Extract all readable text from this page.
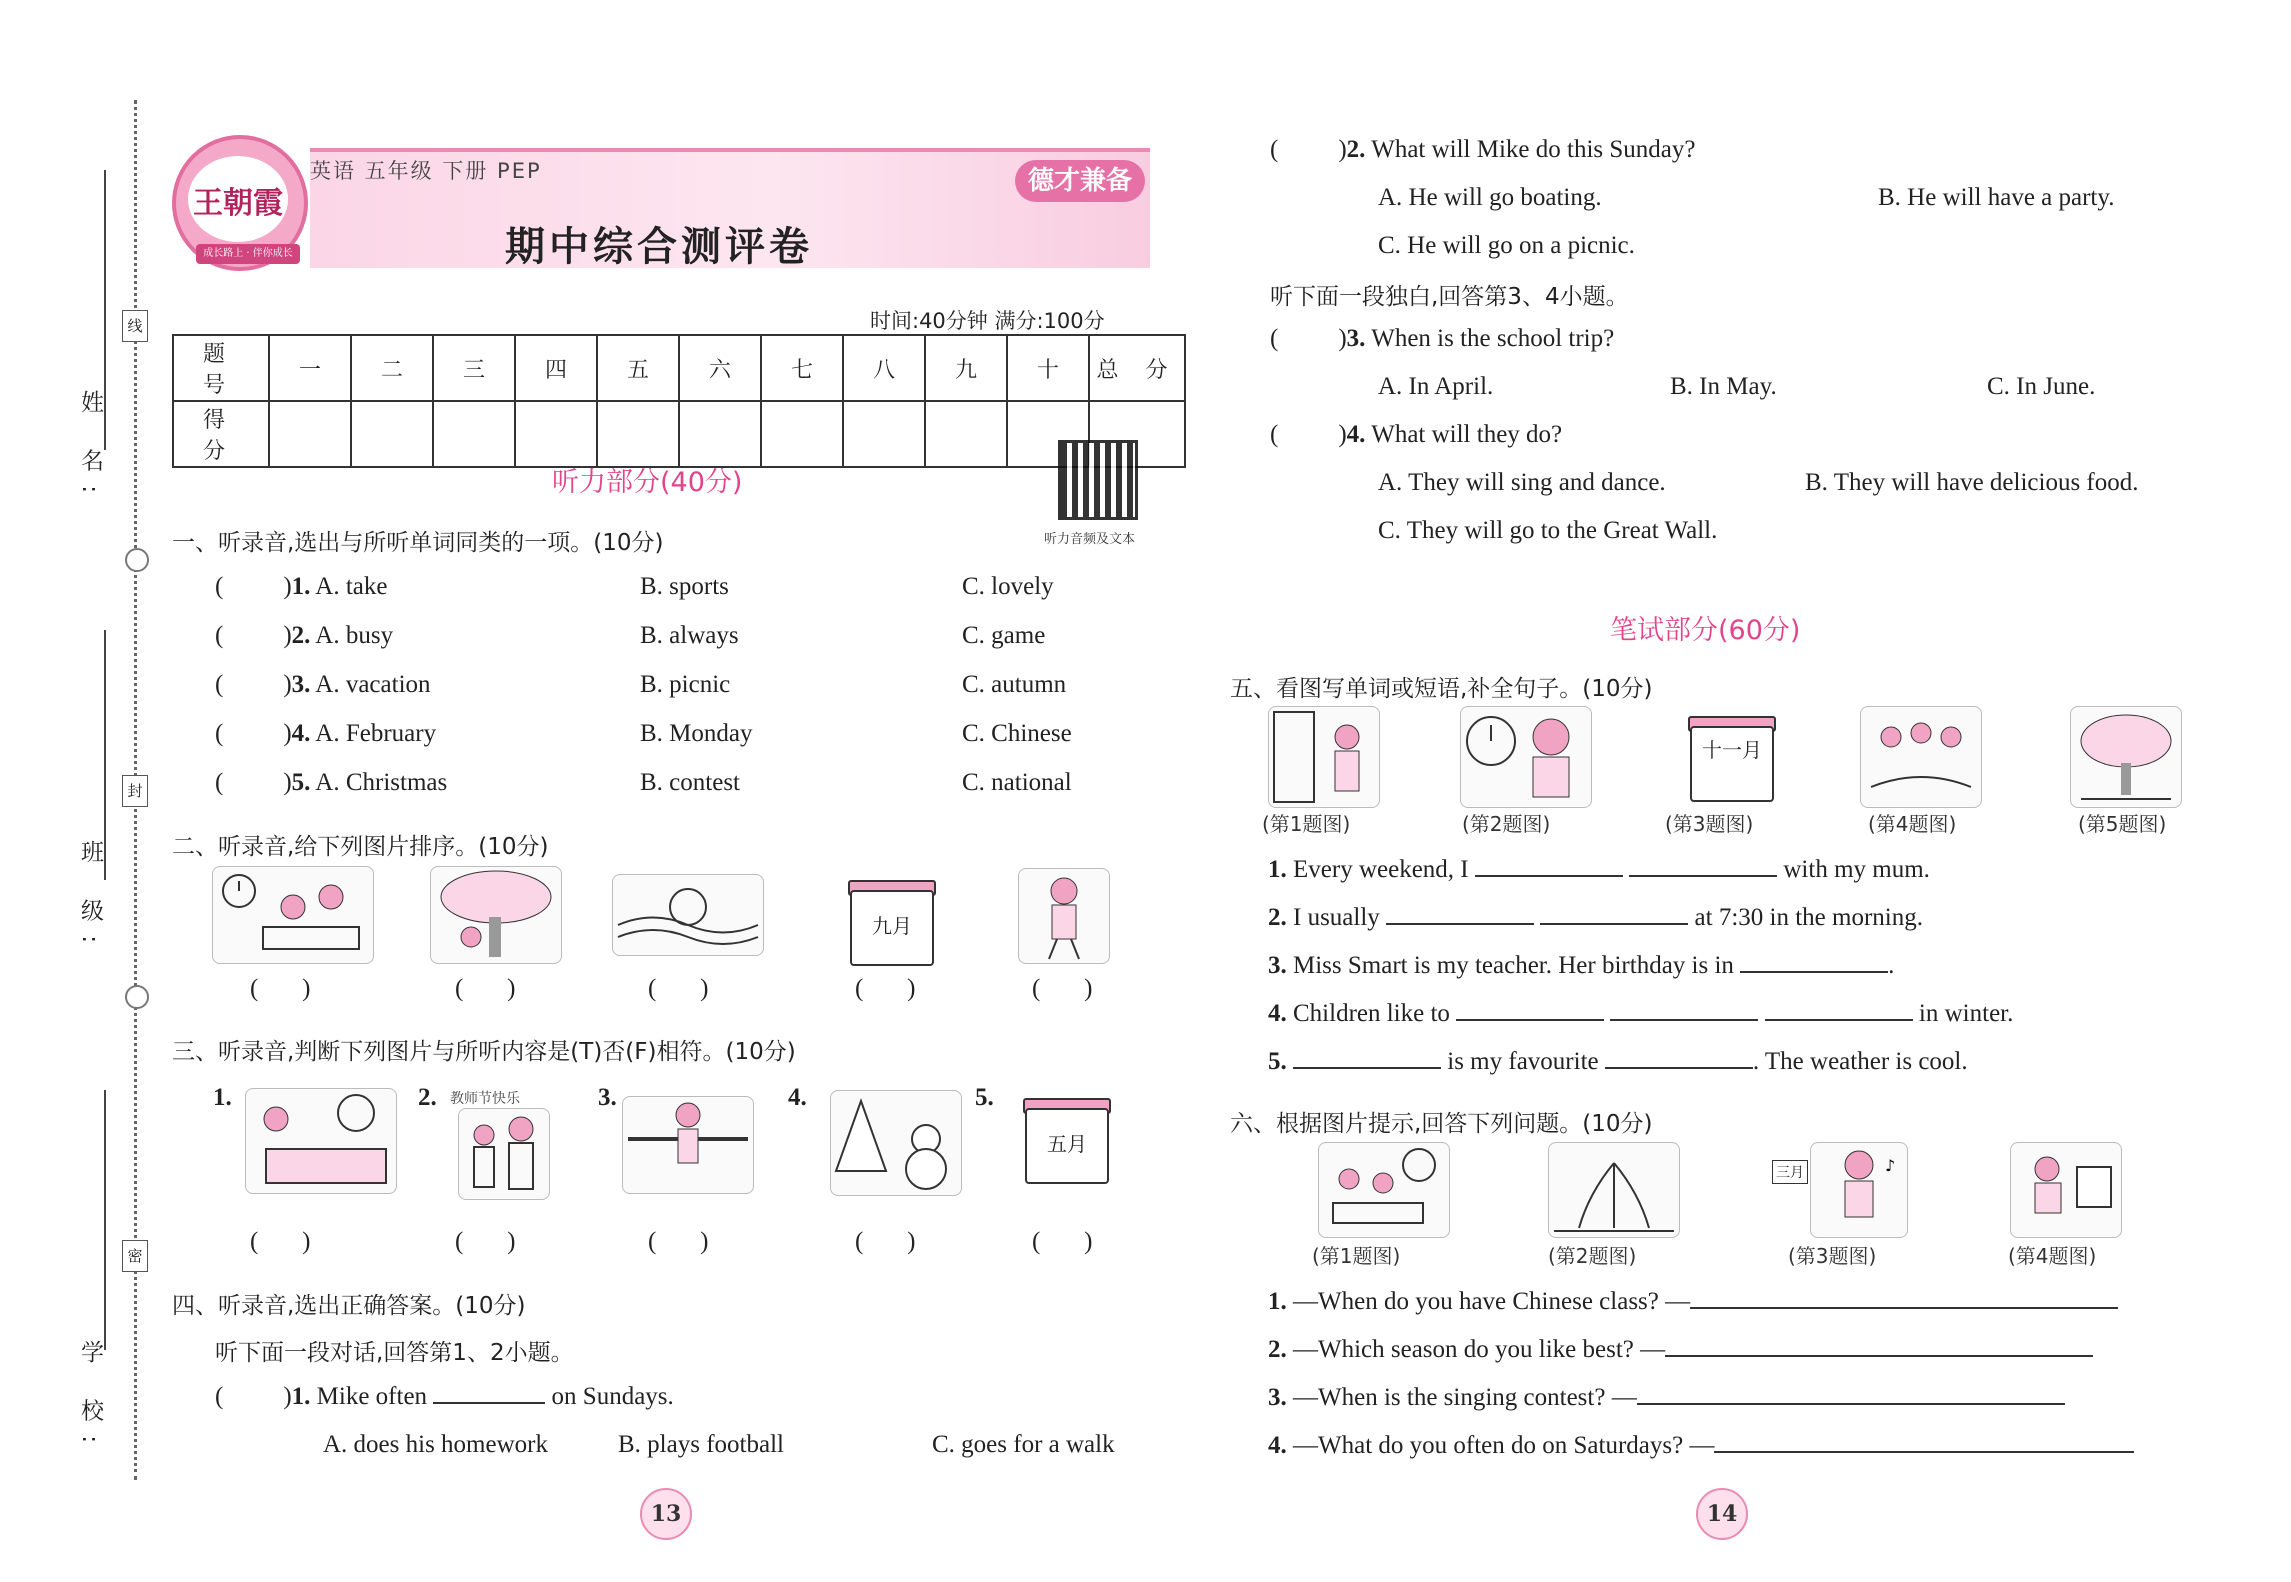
姓 名:
班 级:
学 校:
线
封
密
王朝霞
成长路上 · 伴你成长
英语 五年级 下册 PEP
期中综合测评卷
德才兼备
时间:40分钟 满分:100分
题 号	一	二	三	四	五	六	七	八	九	十	总 分
得 分											
听力部分(40分)
听力音频及文本
一、听录音,选出与所听单词同类的一项。(10分)
( )1. A. take	B. sports	C. lovely
( )2. A. busy	B. always	C. game
( )3. A. vacation	B. picnic	C. autumn
( )4. A. February	B. Monday	C. Chinese
( )5. A. Christmas	B. contest	C. national
二、听录音,给下列图片排序。(10分)
九月
(       )	(       )	(       )	(       )	(       )
三、听录音,判断下列图片与所听内容是(T)否(F)相符。(10分)
1.	2.	3.	4.	5.
教师节快乐
五月
(       )	(       )	(       )	(       )	(       )
四、听录音,选出正确答案。(10分)
听下面一段对话,回答第1、2小题。
( )1. Mike often	on Sundays.
A. does his homework	B. plays football	C. goes for a walk
13
( )2. What will Mike do this Sunday?
A. He will go boating.	B. He will have a party.
C. He will go on a picnic.
听下面一段独白,回答第3、4小题。
( )3. When is the school trip?
A. In April.	B. In May.	C. In June.
( )4. What will they do?
A. They will sing and dance.	B. They will have delicious food.
C. They will go to the Great Wall.
笔试部分(60分)
五、看图写单词或短语,补全句子。(10分)
十一月
(第1题图)	(第2题图)	(第3题图)	(第4题图)	(第5题图)
1. Every weekend, I	with my mum.
2. I usually	at 7:30 in the morning.
3. Miss Smart is my teacher. Her birthday is in	.
4. Children like to	in winter.
5.	is my favourite	. The weather is cool.
六、根据图片提示,回答下列问题。(10分)
三月	♪
(第1题图)	(第2题图)	(第3题图)	(第4题图)
1. —When do you have Chinese class? —
2. —Which season do you like best? —
3. —When is the singing contest? —
4. —What do you often do on Saturdays? —
14
